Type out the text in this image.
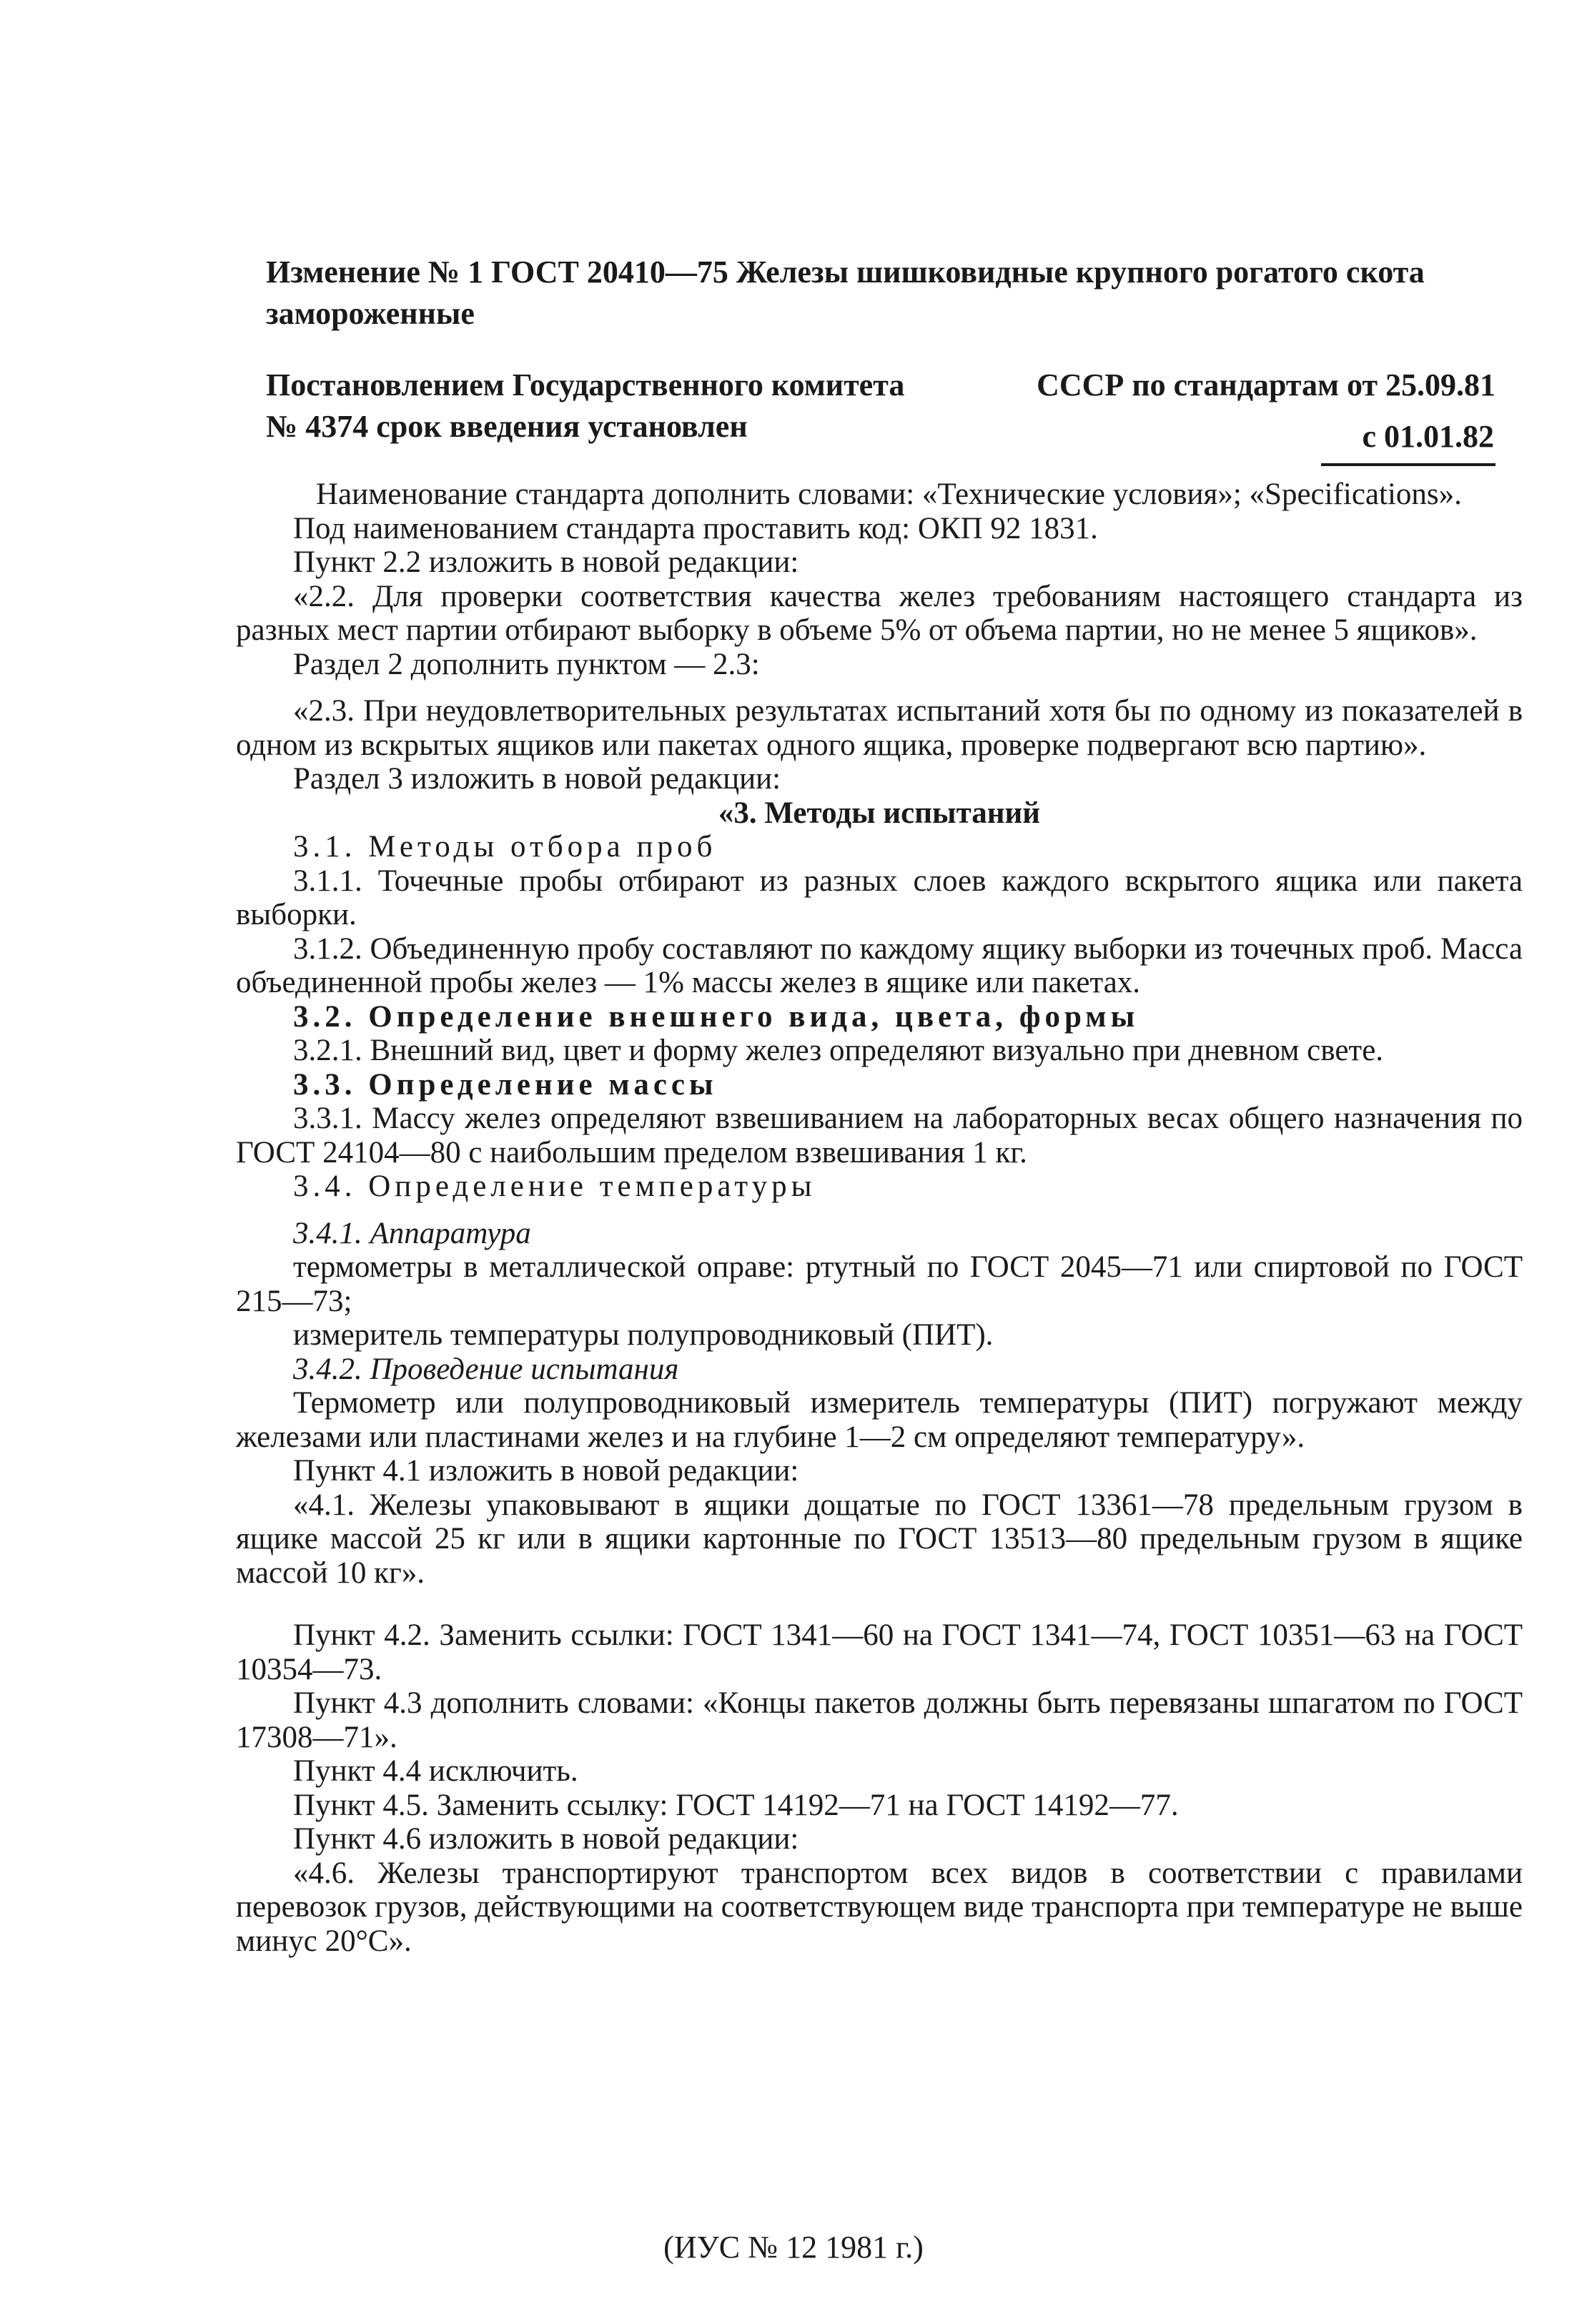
Изменение № 1 ГОСТ 20410—75 Железы шишковидные крупного рогатого скота
замороженные
Постановлением Государственного комитета	СССР по стандартам от 25.09.81
№ 4374 срок введения установлен	с 01.01.82

Наименование стандарта дополнить словами: «Технические условия»; «Specifications».

Под наименованием стандарта проставить код: ОКП 92 1831.

Пункт 2.2 изложить в новой редакции:

«2.2. Для проверки соответствия качества желез требованиям настоящего стандарта из разных мест партии отбирают выборку в объеме 5% от объема партии, но не менее 5 ящиков».

Раздел 2 дополнить пунктом — 2.3:

«2.3. При неудовлетворительных результатах испытаний хотя бы по одному из показателей в одном из вскрытых ящиков или пакетах одного ящика, проверке подвергают всю партию».

Раздел 3 изложить в новой редакции:

«3. Методы испытаний

3.1. Методы отбора проб

3.1.1. Точечные пробы отбирают из разных слоев каждого вскрытого ящика или пакета выборки.

3.1.2. Объединенную пробу составляют по каждому ящику выборки из точечных проб. Масса объединенной пробы желез — 1% массы желез в ящике или пакетах.

3.2. Определение внешнего вида, цвета, формы

3.2.1. Внешний вид, цвет и форму желез определяют визуально при дневном свете.

3.3. Определение массы

3.3.1. Массу желез определяют взвешиванием на лабораторных весах общего назначения по ГОСТ 24104—80 с наибольшим пределом взвешивания 1 кг.

3.4. Определение температуры

3.4.1. Аппаратура

термометры в металлической оправе: ртутный по ГОСТ 2045—71 или спиртовой по ГОСТ 215—73;

измеритель температуры полупроводниковый (ПИТ).

3.4.2. Проведение испытания

Термометр или полупроводниковый измеритель температуры (ПИТ) погружают между железами или пластинами желез и на глубине 1—2 см определяют температуру».

Пункт 4.1 изложить в новой редакции:

«4.1. Железы упаковывают в ящики дощатые по ГОСТ 13361—78 предельным грузом в ящике массой 25 кг или в ящики картонные по ГОСТ 13513—80 предельным грузом в ящике массой 10 кг».

Пункт 4.2. Заменить ссылки: ГОСТ 1341—60 на ГОСТ 1341—74, ГОСТ 10351—63 на ГОСТ 10354—73.

Пункт 4.3 дополнить словами: «Концы пакетов должны быть перевязаны шпагатом по ГОСТ 17308—71».

Пункт 4.4 исключить.

Пункт 4.5. Заменить ссылку: ГОСТ 14192—71 на ГОСТ 14192—77.

Пункт 4.6 изложить в новой редакции:

«4.6. Железы транспортируют транспортом всех видов в соответствии с правилами перевозок грузов, действующими на соответствующем виде транспорта при температуре не выше минус 20°С».

(ИУС № 12 1981 г.)
